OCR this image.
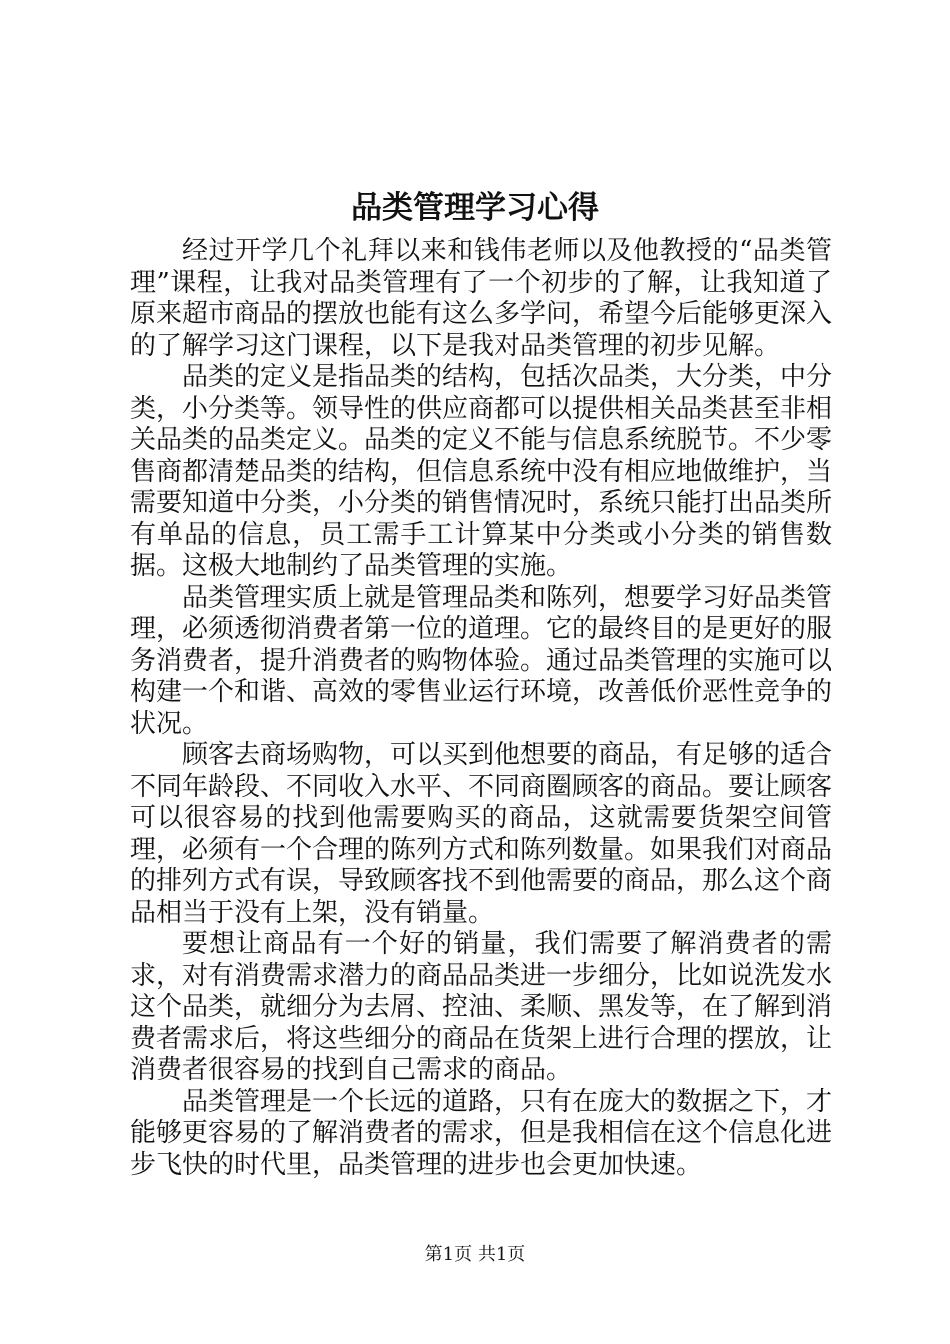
品类管理学习心得

经过开学几个礼拜以来和钱伟老师以及他教授的“品类管理”课程，让我对品类管理有了一个初步的了解，让我知道了原来超市商品的摆放也能有这么多学问，希望今后能够更深入的了解学习这门课程，以下是我对品类管理的初步见解。

品类的定义是指品类的结构，包括次品类，大分类，中分类，小分类等。领导性的供应商都可以提供相关品类甚至非相关品类的品类定义。品类的定义不能与信息系统脱节。不少零售商都清楚品类的结构，但信息系统中没有相应地做维护，当需要知道中分类，小分类的销售情况时，系统只能打出品类所有单品的信息，员工需手工计算某中分类或小分类的销售数据。这极大地制约了品类管理的实施。

品类管理实质上就是管理品类和陈列，想要学习好品类管理，必须透彻消费者第一位的道理。它的最终目的是更好的服务消费者，提升消费者的购物体验。通过品类管理的实施可以构建一个和谐、高效的零售业运行环境，改善低价恶性竞争的状况。

顾客去商场购物，可以买到他想要的商品，有足够的适合不同年龄段、不同收入水平、不同商圈顾客的商品。要让顾客可以很容易的找到他需要购买的商品，这就需要货架空间管理，必须有一个合理的陈列方式和陈列数量。如果我们对商品的排列方式有误，导致顾客找不到他需要的商品，那么这个商品相当于没有上架，没有销量。

要想让商品有一个好的销量，我们需要了解消费者的需求，对有消费需求潜力的商品品类进一步细分，比如说洗发水这个品类，就细分为去屑、控油、柔顺、黑发等，在了解到消费者需求后，将这些细分的商品在货架上进行合理的摆放，让消费者很容易的找到自己需求的商品。

品类管理是一个长远的道路，只有在庞大的数据之下，才能够更容易的了解消费者的需求，但是我相信在这个信息化进步飞快的时代里，品类管理的进步也会更加快速。

第1页 共1页
